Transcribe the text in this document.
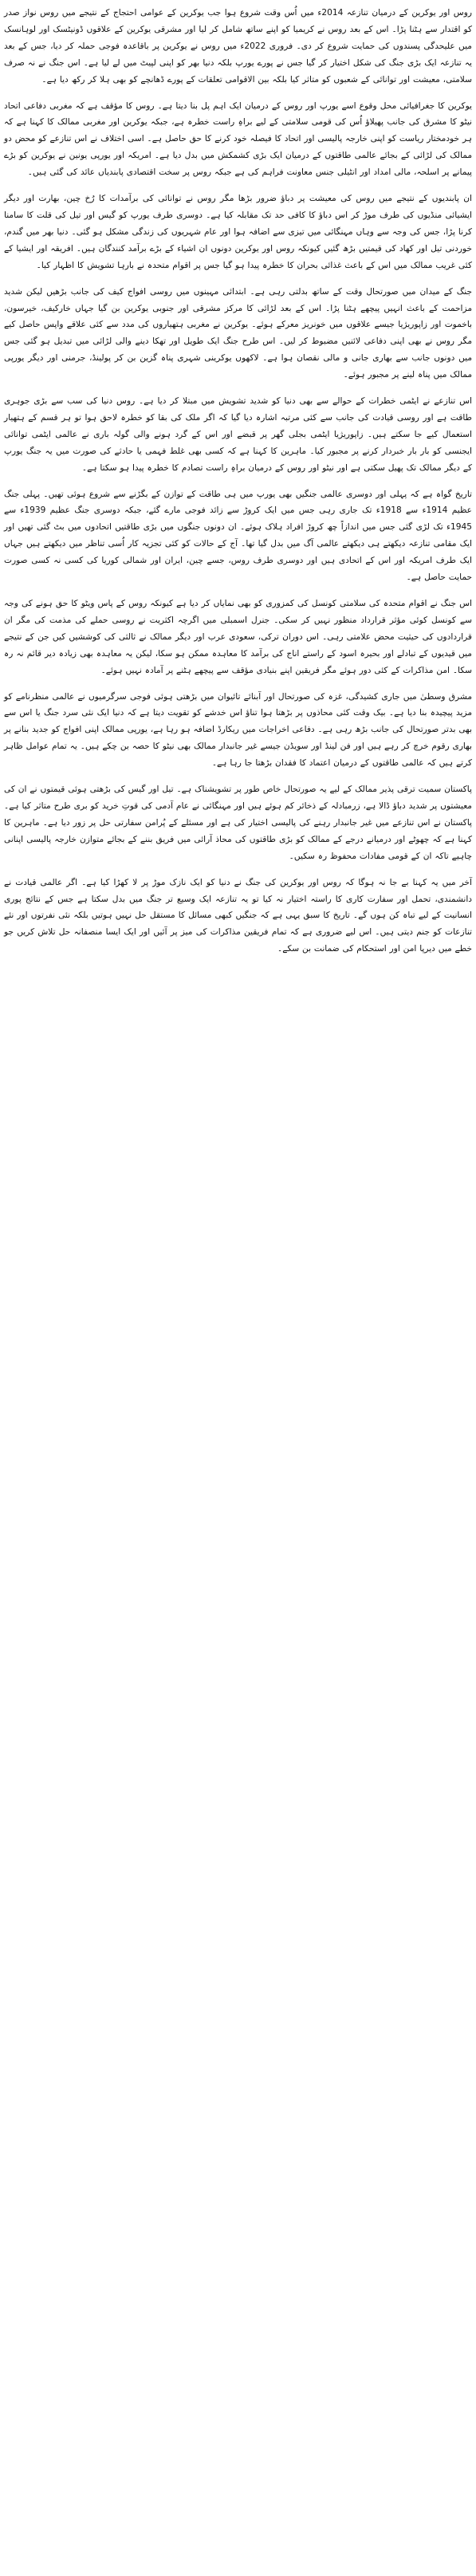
روس اور یوکرین کے درمیان تنازعہ 2014ء میں اُس وقت شروع ہوا جب یوکرین کے عوامی احتجاج کے نتیجے میں روس نواز صدر کو اقتدار سے ہٹنا پڑا۔ اس کے بعد روس نے کریمیا کو اپنے ساتھ شامل کر لیا اور مشرقی یوکرین کے علاقوں ڈونیٹسک اور لوہانسک میں علیحدگی پسندوں کی حمایت شروع کر دی۔ فروری 2022ء میں روس نے یوکرین پر باقاعدہ فوجی حملہ کر دیا، جس کے بعد یہ تنازعہ ایک بڑی جنگ کی شکل اختیار کر گیا جس نے پورے یورپ بلکہ دنیا بھر کو اپنی لپیٹ میں لے لیا ہے۔ اس جنگ نے نہ صرف سلامتی، معیشت اور توانائی کے شعبوں کو متاثر کیا بلکہ بین الاقوامی تعلقات کے پورے ڈھانچے کو بھی ہلا کر رکھ دیا ہے۔

یوکرین کا جغرافیائی محل وقوع اسے یورپ اور روس کے درمیان ایک اہم پل بنا دیتا ہے۔ روس کا مؤقف ہے کہ مغربی دفاعی اتحاد نیٹو کا مشرق کی جانب پھیلاؤ اُس کی قومی سلامتی کے لیے براہِ راست خطرہ ہے، جبکہ یوکرین اور مغربی ممالک کا کہنا ہے کہ ہر خودمختار ریاست کو اپنی خارجہ پالیسی اور اتحاد کا فیصلہ خود کرنے کا حق حاصل ہے۔ اسی اختلاف نے اس تنازعے کو محض دو ممالک کی لڑائی کے بجائے عالمی طاقتوں کے درمیان ایک بڑی کشمکش میں بدل دیا ہے۔ امریکہ اور یورپی یونین نے یوکرین کو بڑے پیمانے پر اسلحہ، مالی امداد اور انٹیلی جنس معاونت فراہم کی ہے جبکہ روس پر سخت اقتصادی پابندیاں عائد کی گئی ہیں۔

ان پابندیوں کے نتیجے میں روس کی معیشت پر دباؤ ضرور بڑھا مگر روس نے توانائی کی برآمدات کا رُخ چین، بھارت اور دیگر ایشیائی منڈیوں کی طرف موڑ کر اس دباؤ کا کافی حد تک مقابلہ کیا ہے۔ دوسری طرف یورپ کو گیس اور تیل کی قلت کا سامنا کرنا پڑا، جس کی وجہ سے وہاں مہنگائی میں تیزی سے اضافہ ہوا اور عام شہریوں کی زندگی مشکل ہو گئی۔ دنیا بھر میں گندم، خوردنی تیل اور کھاد کی قیمتیں بڑھ گئیں کیونکہ روس اور یوکرین دونوں ان اشیاء کے بڑے برآمد کنندگان ہیں۔ افریقہ اور ایشیا کے کئی غریب ممالک میں اس کے باعث غذائی بحران کا خطرہ پیدا ہو گیا جس پر اقوام متحدہ نے بارہا تشویش کا اظہار کیا۔

جنگ کے میدان میں صورتحال وقت کے ساتھ بدلتی رہی ہے۔ ابتدائی مہینوں میں روسی افواج کیف کی جانب بڑھیں لیکن شدید مزاحمت کے باعث انہیں پیچھے ہٹنا پڑا۔ اس کے بعد لڑائی کا مرکز مشرقی اور جنوبی یوکرین بن گیا جہاں خارکیف، خیرسون، باخموت اور زاپوریژیا جیسے علاقوں میں خونریز معرکے ہوئے۔ یوکرین نے مغربی ہتھیاروں کی مدد سے کئی علاقے واپس حاصل کیے مگر روس نے بھی اپنی دفاعی لائنیں مضبوط کر لیں۔ اس طرح جنگ ایک طویل اور تھکا دینے والی لڑائی میں تبدیل ہو گئی جس میں دونوں جانب سے بھاری جانی و مالی نقصان ہوا ہے۔ لاکھوں یوکرینی شہری پناہ گزین بن کر پولینڈ، جرمنی اور دیگر یورپی ممالک میں پناہ لینے پر مجبور ہوئے۔

اس تنازعے نے ایٹمی خطرات کے حوالے سے بھی دنیا کو شدید تشویش میں مبتلا کر دیا ہے۔ روس دنیا کی سب سے بڑی جوہری طاقت ہے اور روسی قیادت کی جانب سے کئی مرتبہ اشارہ دیا گیا کہ اگر ملک کی بقا کو خطرہ لاحق ہوا تو ہر قسم کے ہتھیار استعمال کیے جا سکتے ہیں۔ زاپوریژیا ایٹمی بجلی گھر پر قبضے اور اس کے گرد ہونے والی گولہ باری نے عالمی ایٹمی توانائی ایجنسی کو بار بار خبردار کرنے پر مجبور کیا۔ ماہرین کا کہنا ہے کہ کسی بھی غلط فہمی یا حادثے کی صورت میں یہ جنگ یورپ کے دیگر ممالک تک پھیل سکتی ہے اور نیٹو اور روس کے درمیان براہِ راست تصادم کا خطرہ پیدا ہو سکتا ہے۔

تاریخ گواہ ہے کہ پہلی اور دوسری عالمی جنگیں بھی یورپ میں ہی طاقت کے توازن کے بگڑنے سے شروع ہوئی تھیں۔ پہلی جنگ عظیم 1914ء سے 1918ء تک جاری رہی جس میں ایک کروڑ سے زائد فوجی مارے گئے، جبکہ دوسری جنگ عظیم 1939ء سے 1945ء تک لڑی گئی جس میں اندازاً چھ کروڑ افراد ہلاک ہوئے۔ ان دونوں جنگوں میں بڑی طاقتیں اتحادوں میں بٹ گئی تھیں اور ایک مقامی تنازعہ دیکھتے ہی دیکھتے عالمی آگ میں بدل گیا تھا۔ آج کے حالات کو کئی تجزیہ کار اُسی تناظر میں دیکھتے ہیں جہاں ایک طرف امریکہ اور اس کے اتحادی ہیں اور دوسری طرف روس، جسے چین، ایران اور شمالی کوریا کی کسی نہ کسی صورت حمایت حاصل ہے۔

اس جنگ نے اقوام متحدہ کی سلامتی کونسل کی کمزوری کو بھی نمایاں کر دیا ہے کیونکہ روس کے پاس ویٹو کا حق ہونے کی وجہ سے کونسل کوئی مؤثر قرارداد منظور نہیں کر سکی۔ جنرل اسمبلی میں اگرچہ اکثریت نے روسی حملے کی مذمت کی مگر ان قراردادوں کی حیثیت محض علامتی رہی۔ اس دوران ترکی، سعودی عرب اور دیگر ممالک نے ثالثی کی کوششیں کیں جن کے نتیجے میں قیدیوں کے تبادلے اور بحیرہ اسود کے راستے اناج کی برآمد کا معاہدہ ممکن ہو سکا، لیکن یہ معاہدہ بھی زیادہ دیر قائم نہ رہ سکا۔ امن مذاکرات کے کئی دور ہوئے مگر فریقین اپنے بنیادی مؤقف سے پیچھے ہٹنے پر آمادہ نہیں ہوئے۔

مشرق وسطیٰ میں جاری کشیدگی، غزہ کی صورتحال اور آبنائے تائیوان میں بڑھتی ہوئی فوجی سرگرمیوں نے عالمی منظرنامے کو مزید پیچیدہ بنا دیا ہے۔ بیک وقت کئی محاذوں پر بڑھتا ہوا تناؤ اس خدشے کو تقویت دیتا ہے کہ دنیا ایک نئی سرد جنگ یا اس سے بھی بدتر صورتحال کی جانب بڑھ رہی ہے۔ دفاعی اخراجات میں ریکارڈ اضافہ ہو رہا ہے، یورپی ممالک اپنی افواج کو جدید بنانے پر بھاری رقوم خرچ کر رہے ہیں اور فن لینڈ اور سویڈن جیسے غیر جانبدار ممالک بھی نیٹو کا حصہ بن چکے ہیں۔ یہ تمام عوامل ظاہر کرتے ہیں کہ عالمی طاقتوں کے درمیان اعتماد کا فقدان بڑھتا جا رہا ہے۔

پاکستان سمیت ترقی پذیر ممالک کے لیے یہ صورتحال خاص طور پر تشویشناک ہے۔ تیل اور گیس کی بڑھتی ہوئی قیمتوں نے ان کی معیشتوں پر شدید دباؤ ڈالا ہے، زرمبادلہ کے ذخائر کم ہوئے ہیں اور مہنگائی نے عام آدمی کی قوتِ خرید کو بری طرح متاثر کیا ہے۔ پاکستان نے اس تنازعے میں غیر جانبدار رہنے کی پالیسی اختیار کی ہے اور مسئلے کے پُرامن سفارتی حل پر زور دیا ہے۔ ماہرین کا کہنا ہے کہ چھوٹے اور درمیانے درجے کے ممالک کو بڑی طاقتوں کی محاذ آرائی میں فریق بننے کے بجائے متوازن خارجہ پالیسی اپنانی چاہیے تاکہ ان کے قومی مفادات محفوظ رہ سکیں۔

آخر میں یہ کہنا بے جا نہ ہوگا کہ روس اور یوکرین کی جنگ نے دنیا کو ایک نازک موڑ پر لا کھڑا کیا ہے۔ اگر عالمی قیادت نے دانشمندی، تحمل اور سفارت کاری کا راستہ اختیار نہ کیا تو یہ تنازعہ ایک وسیع تر جنگ میں بدل سکتا ہے جس کے نتائج پوری انسانیت کے لیے تباہ کن ہوں گے۔ تاریخ کا سبق یہی ہے کہ جنگیں کبھی مسائل کا مستقل حل نہیں ہوتیں بلکہ نئی نفرتوں اور نئے تنازعات کو جنم دیتی ہیں۔ اس لیے ضروری ہے کہ تمام فریقین مذاکرات کی میز پر آئیں اور ایک ایسا منصفانہ حل تلاش کریں جو خطے میں دیرپا امن اور استحکام کی ضمانت بن سکے۔
